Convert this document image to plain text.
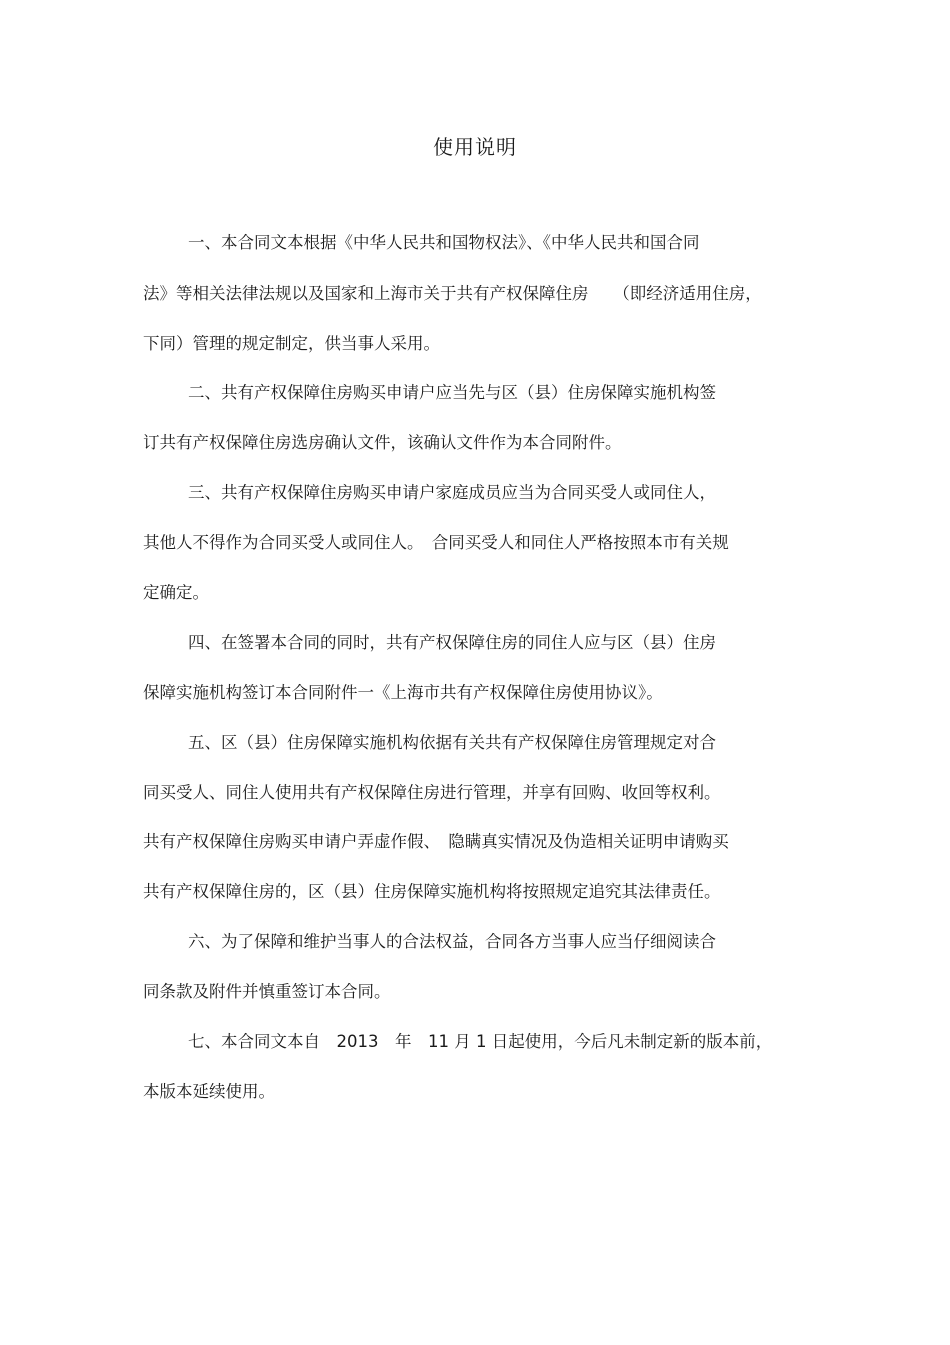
使用说明
一、本合同文本根据《中华人民共和国物权法》、《中华人民共和国合同
法》等相关法律法规以及国家和上海市关于共有产权保障住房　　（即经济适用住房，
下同）管理的规定制定，供当事人采用。
二、共有产权保障住房购买申请户应当先与区（县）住房保障实施机构签
订共有产权保障住房选房确认文件，该确认文件作为本合同附件。
三、共有产权保障住房购买申请户家庭成员应当为合同买受人或同住人，
其他人不得作为合同买受人或同住人。　合同买受人和同住人严格按照本市有关规
定确定。
四、在签署本合同的同时，共有产权保障住房的同住人应与区（县）住房
保障实施机构签订本合同附件一《上海市共有产权保障住房使用协议》。
五、区（县）住房保障实施机构依据有关共有产权保障住房管理规定对合
同买受人、同住人使用共有产权保障住房进行管理，并享有回购、收回等权利。
共有产权保障住房购买申请户弄虚作假、　隐瞒真实情况及伪造相关证明申请购买
共有产权保障住房的，区（县）住房保障实施机构将按照规定追究其法律责任。
六、为了保障和维护当事人的合法权益，合同各方当事人应当仔细阅读合
同条款及附件并慎重签订本合同。
七、本合同文本自　2013　年　11 月 1 日起使用，今后凡未制定新的版本前，
本版本延续使用。
